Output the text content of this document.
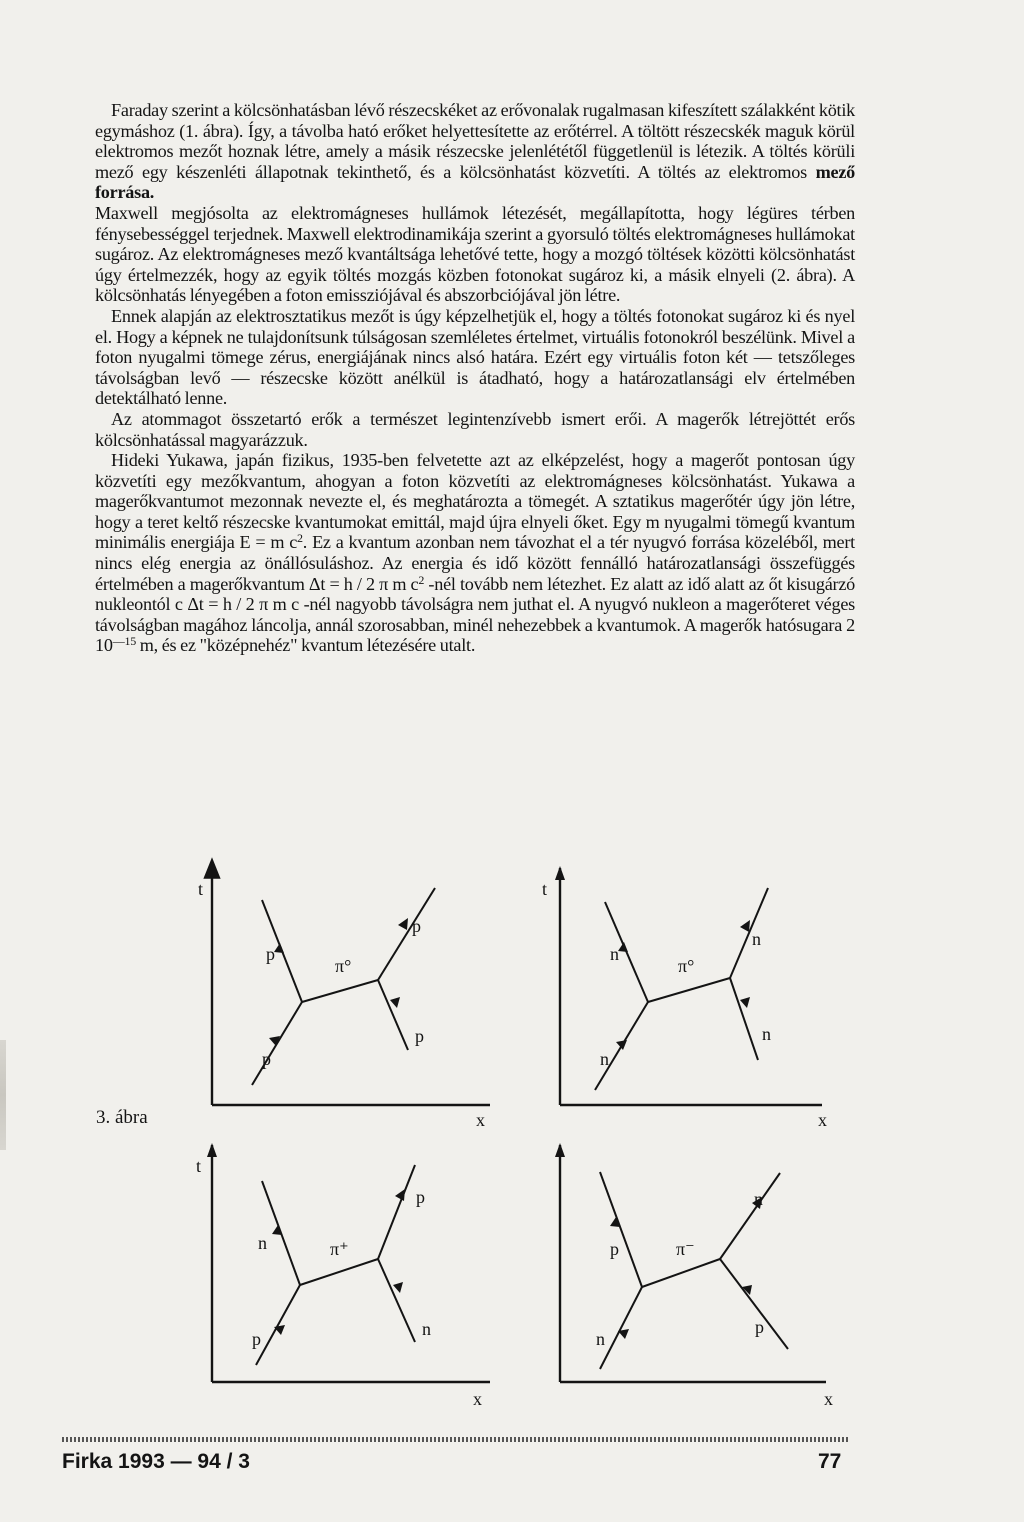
Faraday szerint a kölcsönhatásban lévő részecskéket az erővonalak rugalmasan kifeszített szálakként kötik egymáshoz (1. ábra). Így, a távolba ható erőket helyettesítette az erőtérrel. A töltött részecskék maguk körül elektromos mezőt hoznak létre, amely a másik részecske jelenlététől függetlenül is létezik. A töltés körüli mező egy készenléti állapotnak tekinthető, és a kölcsönhatást közvetíti. A töltés az elektromos mező forrása.

Maxwell megjósolta az elektromágneses hullámok létezését, megállapította, hogy légüres térben fénysebességgel terjednek. Maxwell elektrodinamikája szerint a gyorsuló töltés elektromágneses hullámokat sugároz. Az elektromágneses mező kvantáltsága lehetővé tette, hogy a mozgó töltések közötti kölcsönhatást úgy értelmezzék, hogy az egyik töltés mozgás közben fotonokat sugároz ki, a másik elnyeli (2. ábra). A kölcsönhatás lényegében a foton emissziójával és abszorbciójával jön létre.

Ennek alapján az elektrosztatikus mezőt is úgy képzelhetjük el, hogy a töltés fotonokat sugároz ki és nyel el. Hogy a képnek ne tulajdonítsunk túlságosan szemléletes értelmet, virtuális fotonokról beszélünk. Mivel a foton nyugalmi tömege zérus, energiájának nincs alsó határa. Ezért egy virtuális foton két — tetszőleges távolságban levő — részecske között anélkül is átadható, hogy a határozatlansági elv értelmében detektálható lenne.

Az atommagot összetartó erők a természet legintenzívebb ismert erői. A magerők létrejöttét erős kölcsönhatással magyarázzuk.

Hideki Yukawa, japán fizikus, 1935-ben felvetette azt az elképzelést, hogy a magerőt pontosan úgy közvetíti egy mezőkvantum, ahogyan a foton közvetíti az elektromágneses kölcsönhatást. Yukawa a magerőkvantumot mezonnak nevezte el, és meghatározta a tömegét. A sztatikus magerőtér úgy jön létre, hogy a teret keltő részecske kvantumokat emittál, majd újra elnyeli őket. Egy m nyugalmi tömegű kvantum minimális energiája E = m $c^2$. Ez a kvantum azonban nem távozhat el a tér nyugvó forrása közeléből, mert nincs elég energia az önállósuláshoz. Az energia és idő között fennálló határozatlansági összefüggés értelmében a magerőkvantum Δt = h / 2 π m $c^2$ -nél tovább nem létezhet. Ez alatt az idő alatt az őt kisugárzó nukleontól c Δt = h / 2 π m c -nél nagyobb távolságra nem juthat el. A nyugvó nukleon a magerőteret véges távolságban magához láncolja, annál szorosabban, minél nehezebbek a kvantumok. A magerők hatósugara 2 $10^{—15}$ m, és ez "középnehéz" kvantum létezésére utalt.

3. ábra
t
x
p
p
π°
p
p
t
x
n
n
π°
n
n
t
x
p
n	π⁺
p
n
x
n
p	π⁻
n
p
Firka 1993 — 94 / 3	77
